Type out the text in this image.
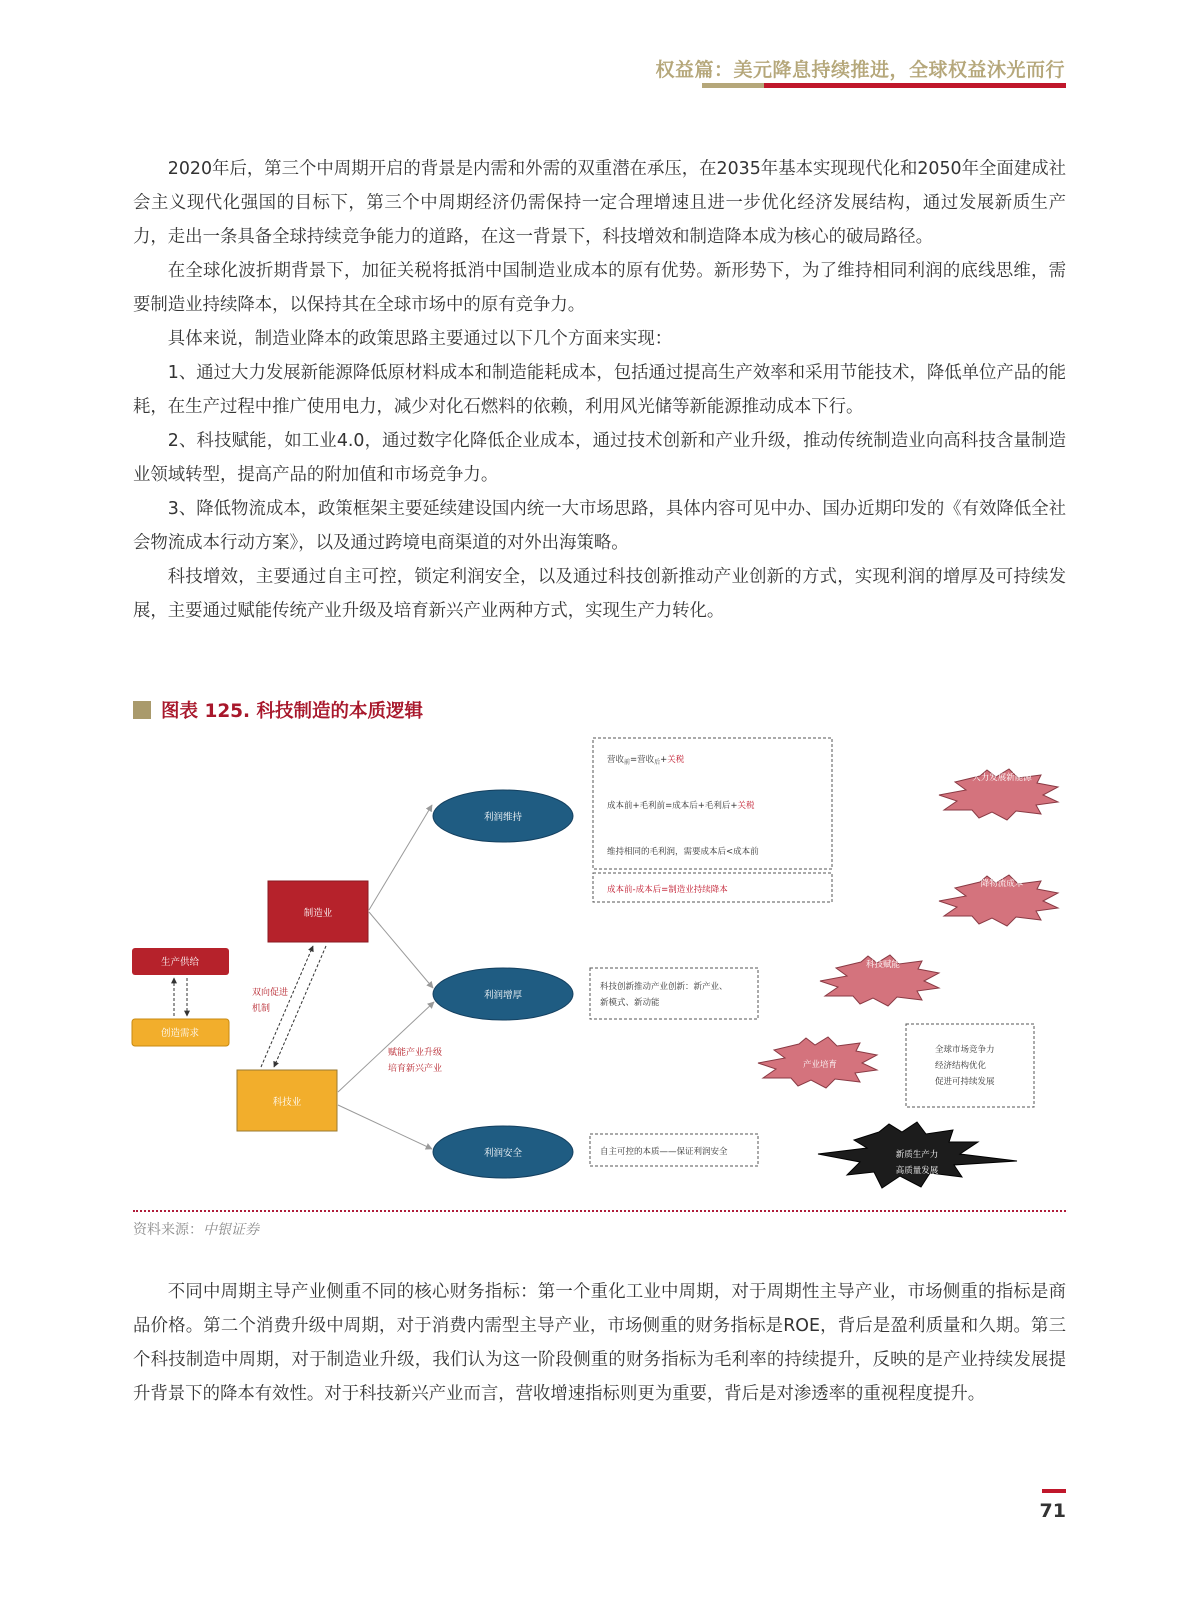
权益篇：美元降息持续推进，全球权益沐光而行

2020年后，第三个中周期开启的背景是内需和外需的双重潜在承压，在2035年基本实现现代化和2050年全面建成社会主义现代化强国的目标下，第三个中周期经济仍需保持一定合理增速且进一步优化经济发展结构，通过发展新质生产力，走出一条具备全球持续竞争能力的道路，在这一背景下，科技增效和制造降本成为核心的破局路径。

在全球化波折期背景下，加征关税将抵消中国制造业成本的原有优势。新形势下，为了维持相同利润的底线思维，需要制造业持续降本，以保持其在全球市场中的原有竞争力。

具体来说，制造业降本的政策思路主要通过以下几个方面来实现：

1、通过大力发展新能源降低原材料成本和制造能耗成本，包括通过提高生产效率和采用节能技术，降低单位产品的能耗，在生产过程中推广使用电力，减少对化石燃料的依赖，利用风光储等新能源推动成本下行。

2、科技赋能，如工业4.0，通过数字化降低企业成本，通过技术创新和产业升级，推动传统制造业向高科技含量制造业领域转型，提高产品的附加值和市场竞争力。

3、降低物流成本，政策框架主要延续建设国内统一大市场思路，具体内容可见中办、国办近期印发的《有效降低全社会物流成本行动方案》，以及通过跨境电商渠道的对外出海策略。

科技增效，主要通过自主可控，锁定利润安全，以及通过科技创新推动产业创新的方式，实现利润的增厚及可持续发展，主要通过赋能传统产业升级及培育新兴产业两种方式，实现生产力转化。

图表 125. 科技制造的本质逻辑
生产供给
创造需求
制造业
科技业
双向促进
机制
赋能产业升级
培育新兴产业
利润维持
利润增厚
利润安全
营收$_前$=营收$_后$+关税
成本前+毛利前=成本后+毛利后+关税
维持相同的毛利润，需要成本后<成本前
成本前-成本后=制造业持续降本
科技创新推动产业创新：新产业、
新模式、新动能
自主可控的本质——保证利润安全
全球市场竞争力
经济结构优化
促进可持续发展
大力发展新能源
降物流成本
科技赋能
产业培育
新质生产力
高质量发展
资料来源：中银证券

不同中周期主导产业侧重不同的核心财务指标：第一个重化工业中周期，对于周期性主导产业，市场侧重的指标是商品价格。第二个消费升级中周期，对于消费内需型主导产业，市场侧重的财务指标是ROE，背后是盈利质量和久期。第三个科技制造中周期，对于制造业升级，我们认为这一阶段侧重的财务指标为毛利率的持续提升，反映的是产业持续发展提升背景下的降本有效性。对于科技新兴产业而言，营收增速指标则更为重要，背后是对渗透率的重视程度提升。

71
